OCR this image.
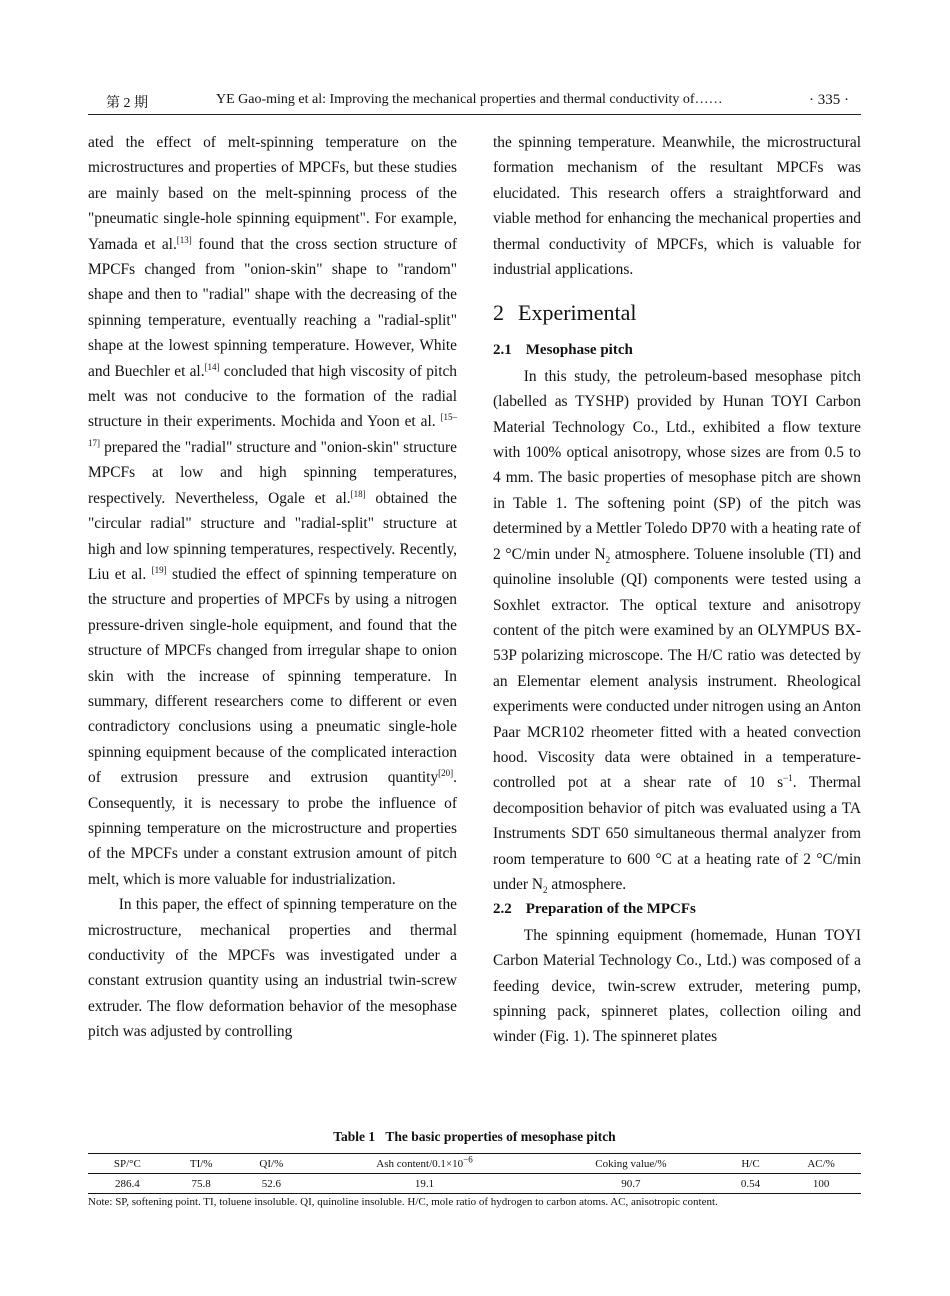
第 2 期	YE Gao-ming et al: Improving the mechanical properties and thermal conductivity of……	· 335 ·

ated the effect of melt-spinning temperature on the microstructures and properties of MPCFs, but these studies are mainly based on the melt-spinning process of the "pneumatic single-hole spinning equipment". For example, Yamada et al.[13] found that the cross section structure of MPCFs changed from "onion-skin" shape to "random" shape and then to "radial" shape with the decreasing of the spinning temperature, eventually reaching a "radial-split" shape at the lowest spinning temperature. However, White and Buechler et al.[14] concluded that high viscosity of pitch melt was not conducive to the formation of the radial structure in their experiments. Mochida and Yoon et al. [15–17] prepared the "radial" structure and "onion-skin" structure MPCFs at low and high spinning temperatures, respectively. Nevertheless, Ogale et al.[18] obtained the "circular radial" structure and "radial-split" structure at high and low spinning temperatures, respectively. Recently, Liu et al. [19] studied the effect of spinning temperature on the structure and properties of MPCFs by using a nitrogen pressure-driven single-hole equipment, and found that the structure of MPCFs changed from irregular shape to onion skin with the increase of spinning temperature. In summary, different researchers come to different or even contradictory conclusions using a pneumatic single-hole spinning equipment because of the complicated interaction of extrusion pressure and extrusion quantity[20]. Consequently, it is necessary to probe the influence of spinning temperature on the microstructure and properties of the MPCFs under a constant extrusion amount of pitch melt, which is more valuable for industrialization.

In this paper, the effect of spinning temperature on the microstructure, mechanical properties and thermal conductivity of the MPCFs was investigated under a constant extrusion quantity using an industrial twin-screw extruder. The flow deformation behavior of the mesophase pitch was adjusted by controlling

the spinning temperature. Meanwhile, the microstructural formation mechanism of the resultant MPCFs was elucidated. This research offers a straightforward and viable method for enhancing the mechanical properties and thermal conductivity of MPCFs, which is valuable for industrial applications.

2 Experimental
2.1 Mesophase pitch

In this study, the petroleum-based mesophase pitch (labelled as TYSHP) provided by Hunan TOYI Carbon Material Technology Co., Ltd., exhibited a flow texture with 100% optical anisotropy, whose sizes are from 0.5 to 4 mm. The basic properties of mesophase pitch are shown in Table 1. The softening point (SP) of the pitch was determined by a Mettler Toledo DP70 with a heating rate of 2 °C/min under $N_2$ atmosphere. Toluene insoluble (TI) and quinoline insoluble (QI) components were tested using a Soxhlet extractor. The optical texture and anisotropy content of the pitch were examined by an OLYMPUS BX-53P polarizing microscope. The H/C ratio was detected by an Elementar element analysis instrument. Rheological experiments were conducted under nitrogen using an Anton Paar MCR102 rheometer fitted with a heated convection hood. Viscosity data were obtained in a temperature-controlled pot at a shear rate of 10 $s^{-1}$. Thermal decomposition behavior of pitch was evaluated using a TA Instruments SDT 650 simultaneous thermal analyzer from room temperature to 600 °C at a heating rate of 2 °C/min under $N_2$ atmosphere.

2.2 Preparation of the MPCFs

The spinning equipment (homemade, Hunan TOYI Carbon Material Technology Co., Ltd.) was composed of a feeding device, twin-screw extruder, metering pump, spinning pack, spinneret plates, collection oiling and winder (Fig. 1). The spinneret plates

Table 1 The basic properties of mesophase pitch
SP/°C	TI/%	QI/%	Ash content/$0.1\times 10^{-6}$	Coking value/%	H/C	AC/%
286.4	75.8	52.6	19.1	90.7	0.54	100
Note: SP, softening point. TI, toluene insoluble. QI, quinoline insoluble. H/C, mole ratio of hydrogen to carbon atoms. AC, anisotropic content.
